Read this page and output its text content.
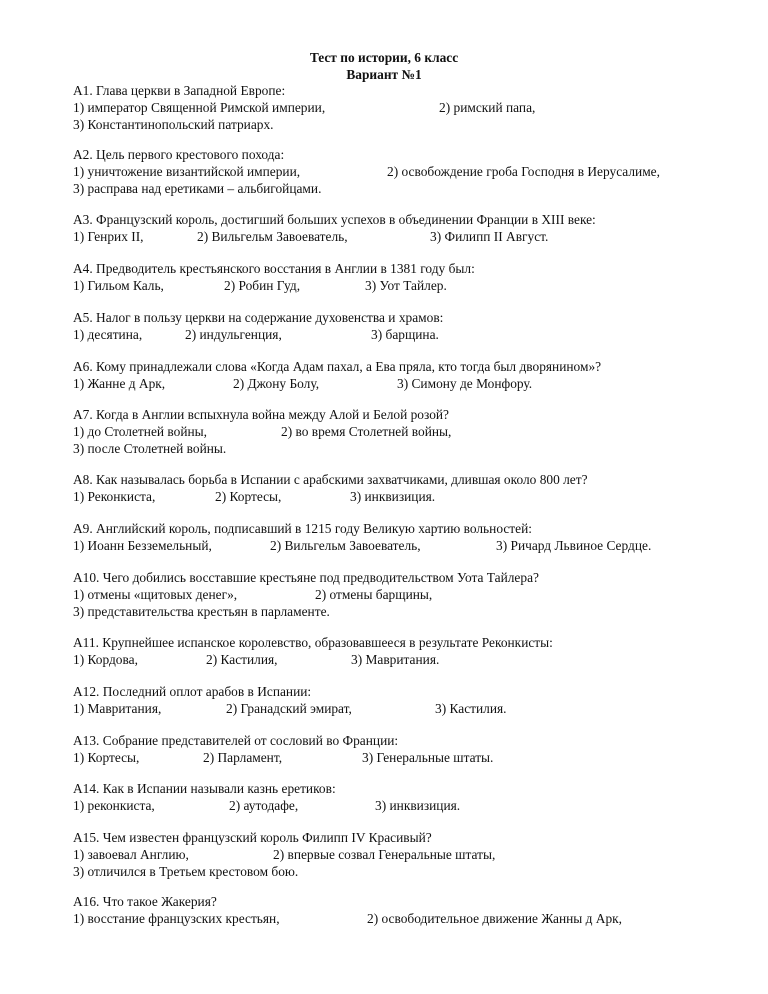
Тест по истории, 6 класс
Вариант №1
А1. Глава церкви в Западной Европе:
1) император Священной Римской империи,	2) римский папа,
3) Константинопольский патриарх.
А2. Цель первого крестового похода:
1) уничтожение византийской империи,	2) освобождение гроба Господня в Иерусалиме,
3) расправа над еретиками – альбигойцами.
А3. Французский король, достигший больших успехов в объединении Франции в XIII веке:
1) Генрих II,	2) Вильгельм Завоеватель,	3) Филипп II Август.
А4. Предводитель крестьянского восстания в Англии в 1381 году был:
1) Гильом Каль,	2) Робин Гуд,	3) Уот Тайлер.
А5. Налог в пользу церкви на содержание духовенства и храмов:
1) десятина,	2) индульгенция,	3) барщина.
А6. Кому принадлежали слова «Когда Адам пахал, а Ева пряла, кто тогда был дворянином»?
1) Жанне д Арк,	2) Джону Болу,	3) Симону де Монфору.
А7. Когда в Англии вспыхнула война между Алой и Белой розой?
1) до Столетней войны,	2) во время Столетней войны,
3) после Столетней войны.
А8. Как называлась борьба в Испании с арабскими захватчиками, длившая около 800 лет?
1) Реконкиста,	2) Кортесы,	3) инквизиция.
А9. Английский король, подписавший в 1215 году Великую хартию вольностей:
1) Иоанн Безземельный,	2) Вильгельм Завоеватель,	3) Ричард Львиное Сердце.
А10. Чего добились восставшие крестьяне под предводительством Уота Тайлера?
1) отмены «щитовых денег»,	2) отмены барщины,
3) представительства крестьян в парламенте.
А11. Крупнейшее испанское королевство, образовавшееся в результате Реконкисты:
1) Кордова,	2) Кастилия,	3) Мавритания.
А12. Последний оплот арабов в Испании:
1) Мавритания,	2) Гранадский эмират,	3) Кастилия.
А13. Собрание представителей от сословий во Франции:
1) Кортесы,	2) Парламент,	3) Генеральные штаты.
А14. Как в Испании называли казнь еретиков:
1) реконкиста,	2) аутодафе,	3) инквизиция.
А15. Чем известен французский король Филипп IV Красивый?
1) завоевал Англию,	2) впервые созвал Генеральные штаты,
3) отличился в Третьем крестовом бою.
А16. Что такое Жакерия?
1) восстание французских крестьян,	2) освободительное движение Жанны д Арк,
